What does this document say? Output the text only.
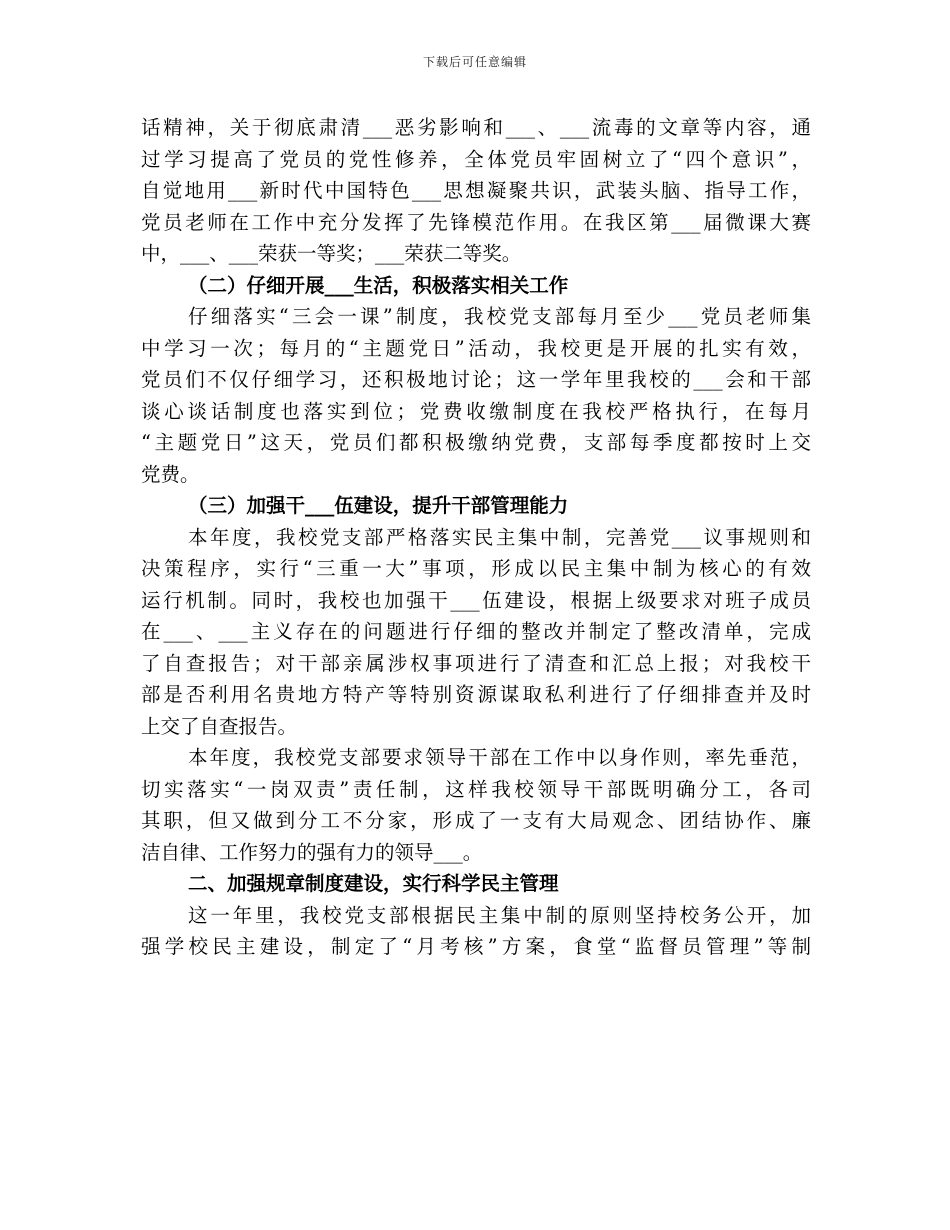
下载后可任意编辑
话精神，关于彻底肃清___恶劣影响和___、___流毒的文章等内容，通
过学习提高了党员的党性修养，全体党员牢固树立了“四个意识”，
自觉地用___新时代中国特色___思想凝聚共识，武装头脑、指导工作，
党员老师在工作中充分发挥了先锋模范作用。在我区第___届微课大赛
中，___、___荣获一等奖；___荣获二等奖。
（二）仔细开展___生活，积极落实相关工作
仔细落实“三会一课”制度，我校党支部每月至少___党员老师集
中学习一次；每月的“主题党日”活动，我校更是开展的扎实有效，
党员们不仅仔细学习，还积极地讨论；这一学年里我校的___会和干部
谈心谈话制度也落实到位；党费收缴制度在我校严格执行，在每月
“主题党日”这天，党员们都积极缴纳党费，支部每季度都按时上交
党费。
（三）加强干___伍建设，提升干部管理能力
本年度，我校党支部严格落实民主集中制，完善党___议事规则和
决策程序，实行“三重一大”事项，形成以民主集中制为核心的有效
运行机制。同时，我校也加强干___伍建设，根据上级要求对班子成员
在___、___主义存在的问题进行仔细的整改并制定了整改清单，完成
了自查报告；对干部亲属涉权事项进行了清查和汇总上报；对我校干
部是否利用名贵地方特产等特别资源谋取私利进行了仔细排查并及时
上交了自查报告。
本年度，我校党支部要求领导干部在工作中以身作则，率先垂范，
切实落实“一岗双责”责任制，这样我校领导干部既明确分工，各司
其职，但又做到分工不分家，形成了一支有大局观念、团结协作、廉
洁自律、工作努力的强有力的领导___。
二、加强规章制度建设，实行科学民主管理
这一年里，我校党支部根据民主集中制的原则坚持校务公开，加
强学校民主建设，制定了“月考核”方案，食堂“监督员管理”等制
